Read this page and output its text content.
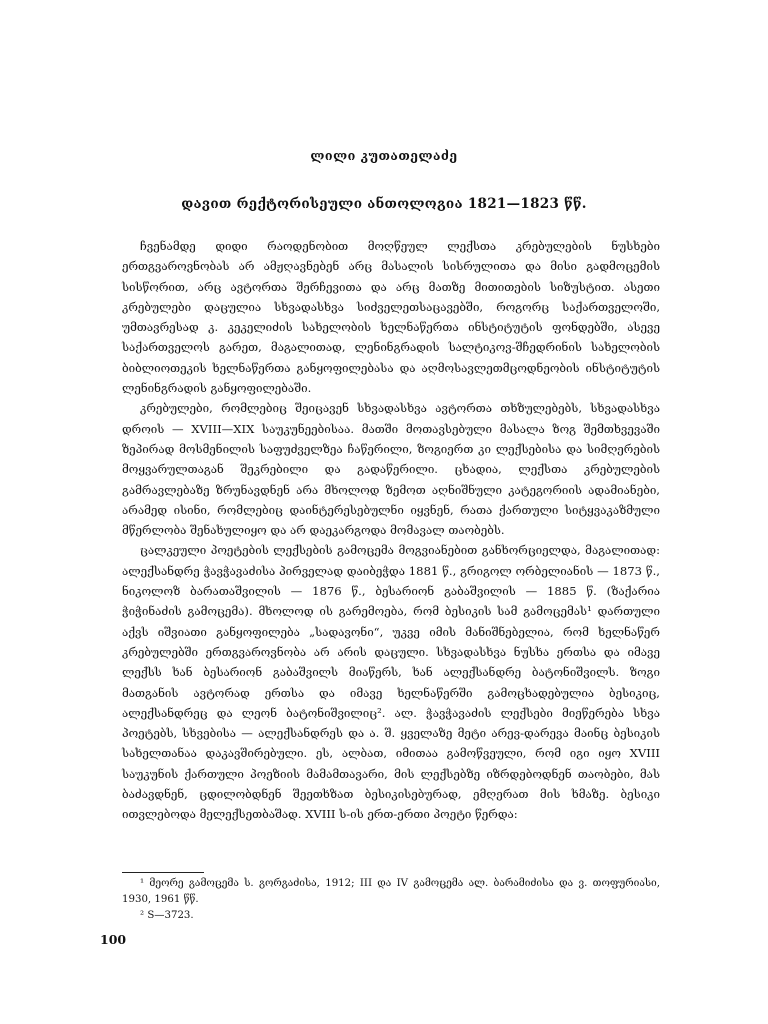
ლილი კუთათელაძე
დავით რექტორისეული ანთოლოგია 1821—1823 წწ.

ჩვენამდე დიდი რაოდენობით მოღწეულ ლექსთა კრებულების ნუსხები ერთგვაროვნობას არ ამჟღავნებენ არც მასალის სისრულითა და მისი გადმოცემის სისწორით, არც ავტორთა შერჩევითა და არც მათზე მითითების სიზუსტით. ასეთი კრებულები დაცულია სხვადასხვა სიძველეთსაცავებში, როგორც საქართველოში, უმთავრესად კ. კეკელიძის სახელობის ხელნაწერთა ინსტიტუტის ფონდებში, ასევე საქართველოს გარეთ, მაგალითად, ლენინგრადის სალტიკოვ-შჩედრინის სახელობის ბიბლიოთეკის ხელნაწერთა განყოფილებასა და აღმოსავლეთმცოდნეობის ინსტიტუტის ლენინგრადის განყოფილებაში.

კრებულები, რომლებიც შეიცავენ სხვადასხვა ავტორთა თხზულებებს, სხვადასხვა დროის — XVIII—XIX საუკუნეებისაა. მათში მოთავსებული მასალა ზოგ შემთხვევაში ზეპირად მოსმენილის საფუძველზეა ჩაწერილი, ზოგიერთ კი ლექსებისა და სიმღერების მოყვარულთაგან შეკრებილი და გადაწერილი. ცხადია, ლექსთა კრებულების გამრავლებაზე ზრუნავდნენ არა მხოლოდ ზემოთ აღნიშნული კატეგორიის ადამიანები, არამედ ისინი, რომლებიც დაინტერესებულნი იყვნენ, რათა ქართული სიტყვაკაზმული მწერლობა შენახულიყო და არ დაეკარგოდა მომავალ თაობებს.

ცალკეული პოეტების ლექსების გამოცემა მოგვიანებით განხორციელდა, მაგალითად: ალექსანდრე ჭავჭავაძისა პირველად დაიბეჭდა 1881 წ., გრიგოლ ორბელიანის — 1873 წ., ნიკოლოზ ბარათაშვილის — 1876 წ., ბესარიონ გაბაშვილის — 1885 წ. (ზაქარია ჭიჭინაძის გამოცემა). მხოლოდ ის გარემოება, რომ ბესიკის სამ გამოცემას¹ დართული აქვს იშვიათი განყოფილება „სადავონი“, უკვე იმის მანიშნებელია, რომ ხელნაწერ კრებულებში ერთგვაროვნობა არ არის დაცული. სხვადასხვა ნუსხა ერთსა და იმავე ლექსს ხან ბესარიონ გაბაშვილს მიაწერს, ხან ალექსანდრე ბატონიშვილს. ზოგი მათგანის ავტორად ერთსა და იმავე ხელნაწერში გამოცხადებულია ბესიკიც, ალექსანდრეც და ლეონ ბატონიშვილიც². ალ. ჭავჭავაძის ლექსები მიეწერება სხვა პოეტებს, სხვებისა — ალექსანდრეს და ა. შ. ყველაზე მეტი არევ-დარევა მაინც ბესიკის სახელთანაა დაკავშირებული. ეს, ალბათ, იმითაა გამოწვეული, რომ იგი იყო XVIII საუკუნის ქართული პოეზიის მამამთავარი, მის ლექსებზე იზრდებოდნენ თაობები, მას ბაძავდნენ, ცდილობდნენ შეეთხზათ ბესიკისებურად, ემღერათ მის ხმაზე. ბესიკი ითვლებოდა მელექსეთბაშად. XVIII ს-ის ერთ-ერთი პოეტი წერდა:

¹ მეორე გამოცემა ს. გორგაძისა, 1912; III და IV გამოცემა ალ. ბარამიძისა და ვ. თოფურიასი, 1930, 1961 წწ.

² S—3723.

100
